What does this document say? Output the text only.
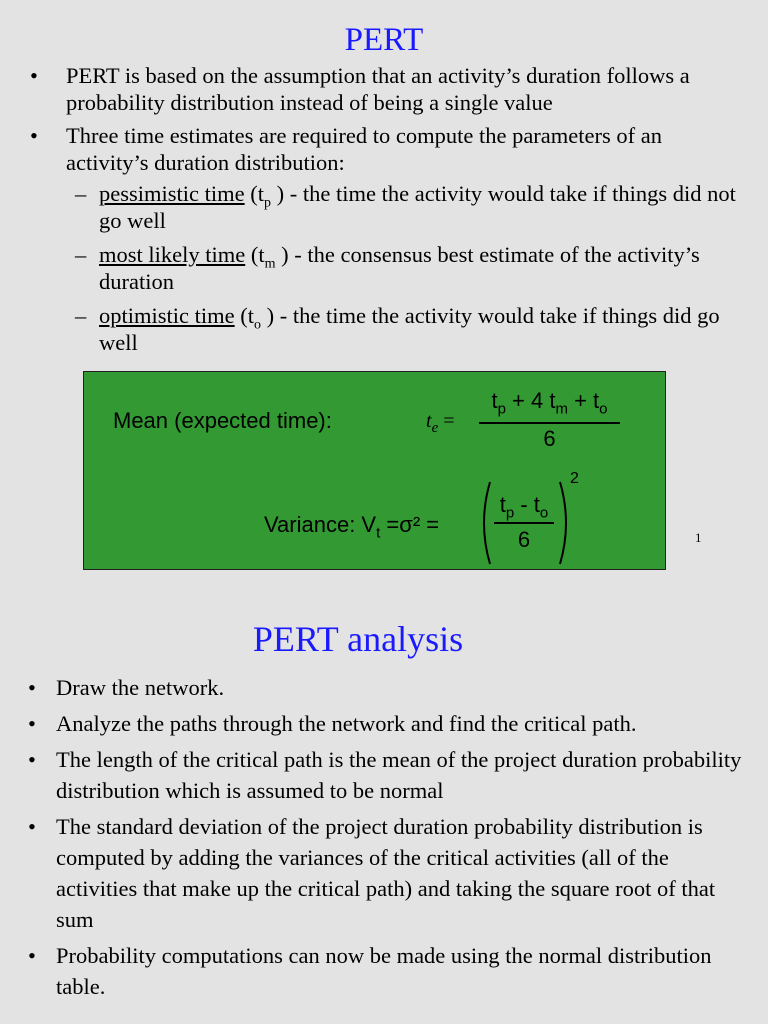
PERT
• PERT is based on the assumption that an activity’s duration follows a probability distribution instead of being a single value
• Three time estimates are required to compute the parameters of an activity’s duration distribution:
– pessimistic time ($t_p$ ) - the time the activity would take if things did not go well
– most likely time ($t_m$ ) - the consensus best estimate of the activity’s duration
– optimistic time ($t_o$ ) - the time the activity would take if things did go well
Mean (expected time):	$t_e$ =
$t_p + 4$ $t_m + t_o$
6
Variance: $V_t =\sigma^2$ =
$t_p - t_o$
6
2
1
PERT analysis
• Draw the network.
• Analyze the paths through the network and find the critical path.
• The length of the critical path is the mean of the project duration probability distribution which is assumed to be normal
• The standard deviation of the project duration probability distribution is computed by adding the variances of the critical activities (all of the activities that make up the critical path) and taking the square root of that sum
• Probability computations can now be made using the normal distribution table.
